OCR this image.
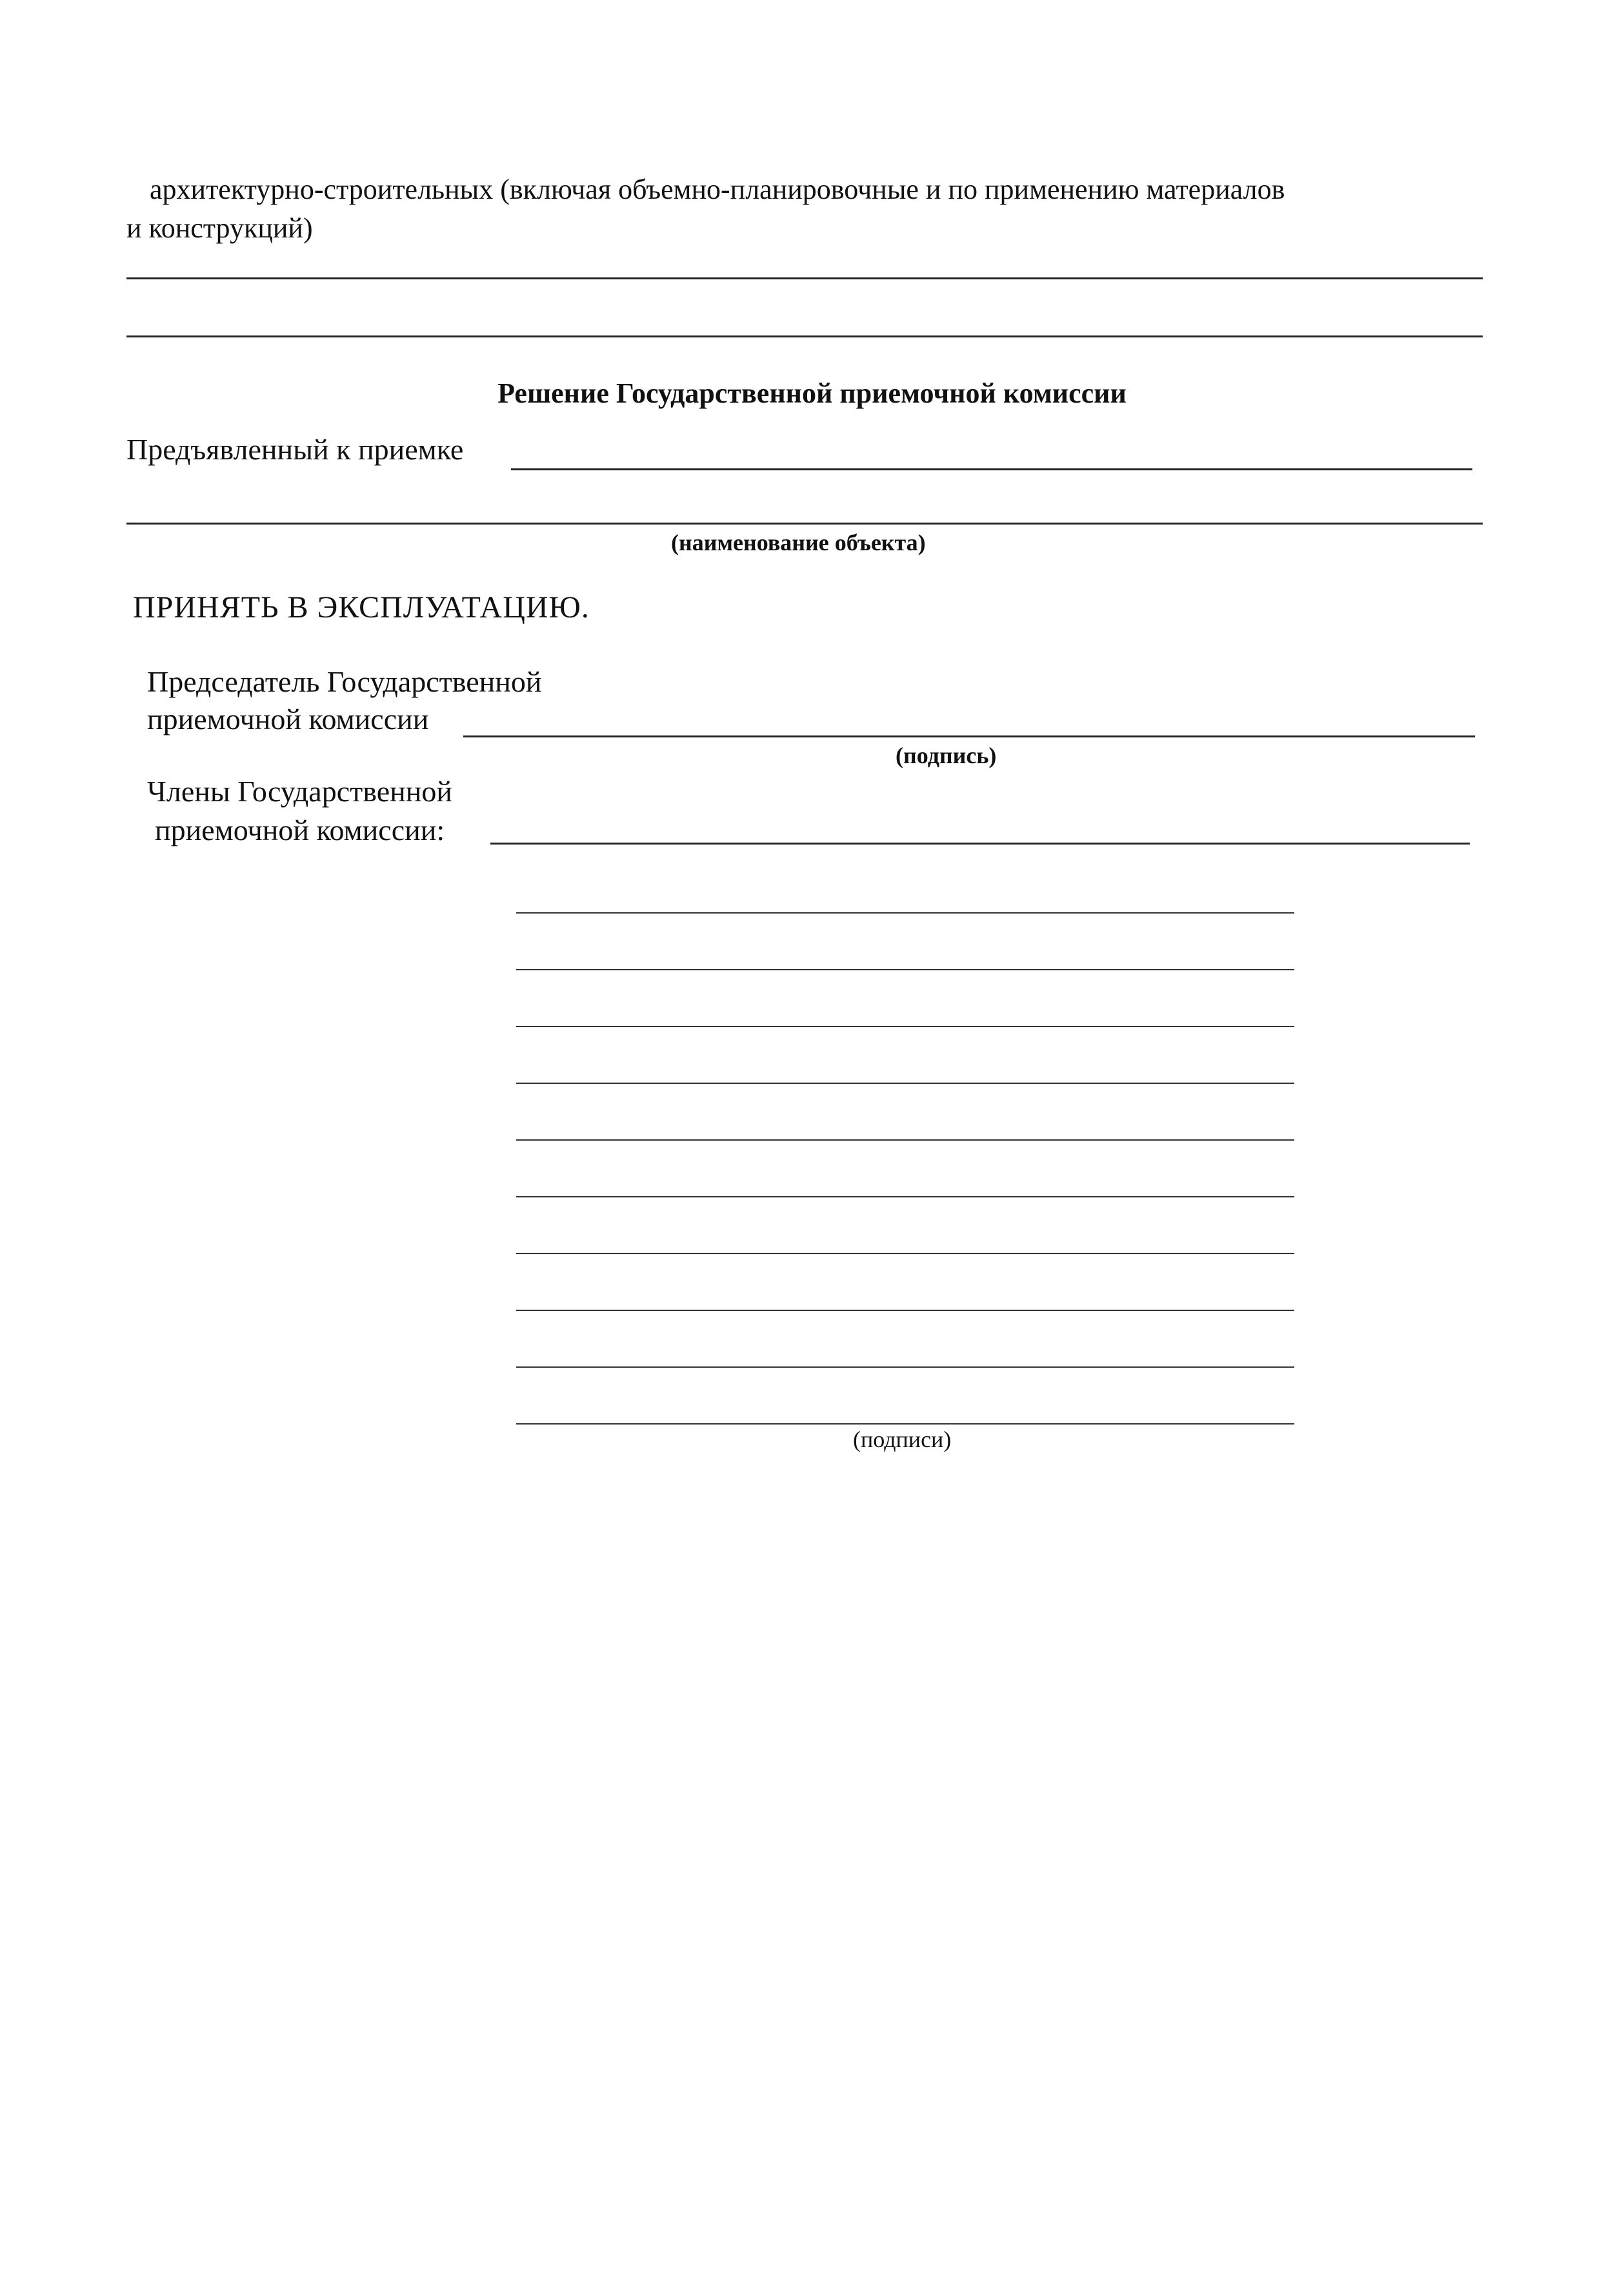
архитектурно-строительных (включая объемно-планировочные и по применению материалов
и конструкций)
Решение Государственной приемочной комиссии
Предъявленный к приемке
(наименование объекта)
ПРИНЯТЬ В ЭКСПЛУАТАЦИЮ.
Председатель Государственной
приемочной комиссии
(подпись)
Члены Государственной
приемочной комиссии:
(подписи)
